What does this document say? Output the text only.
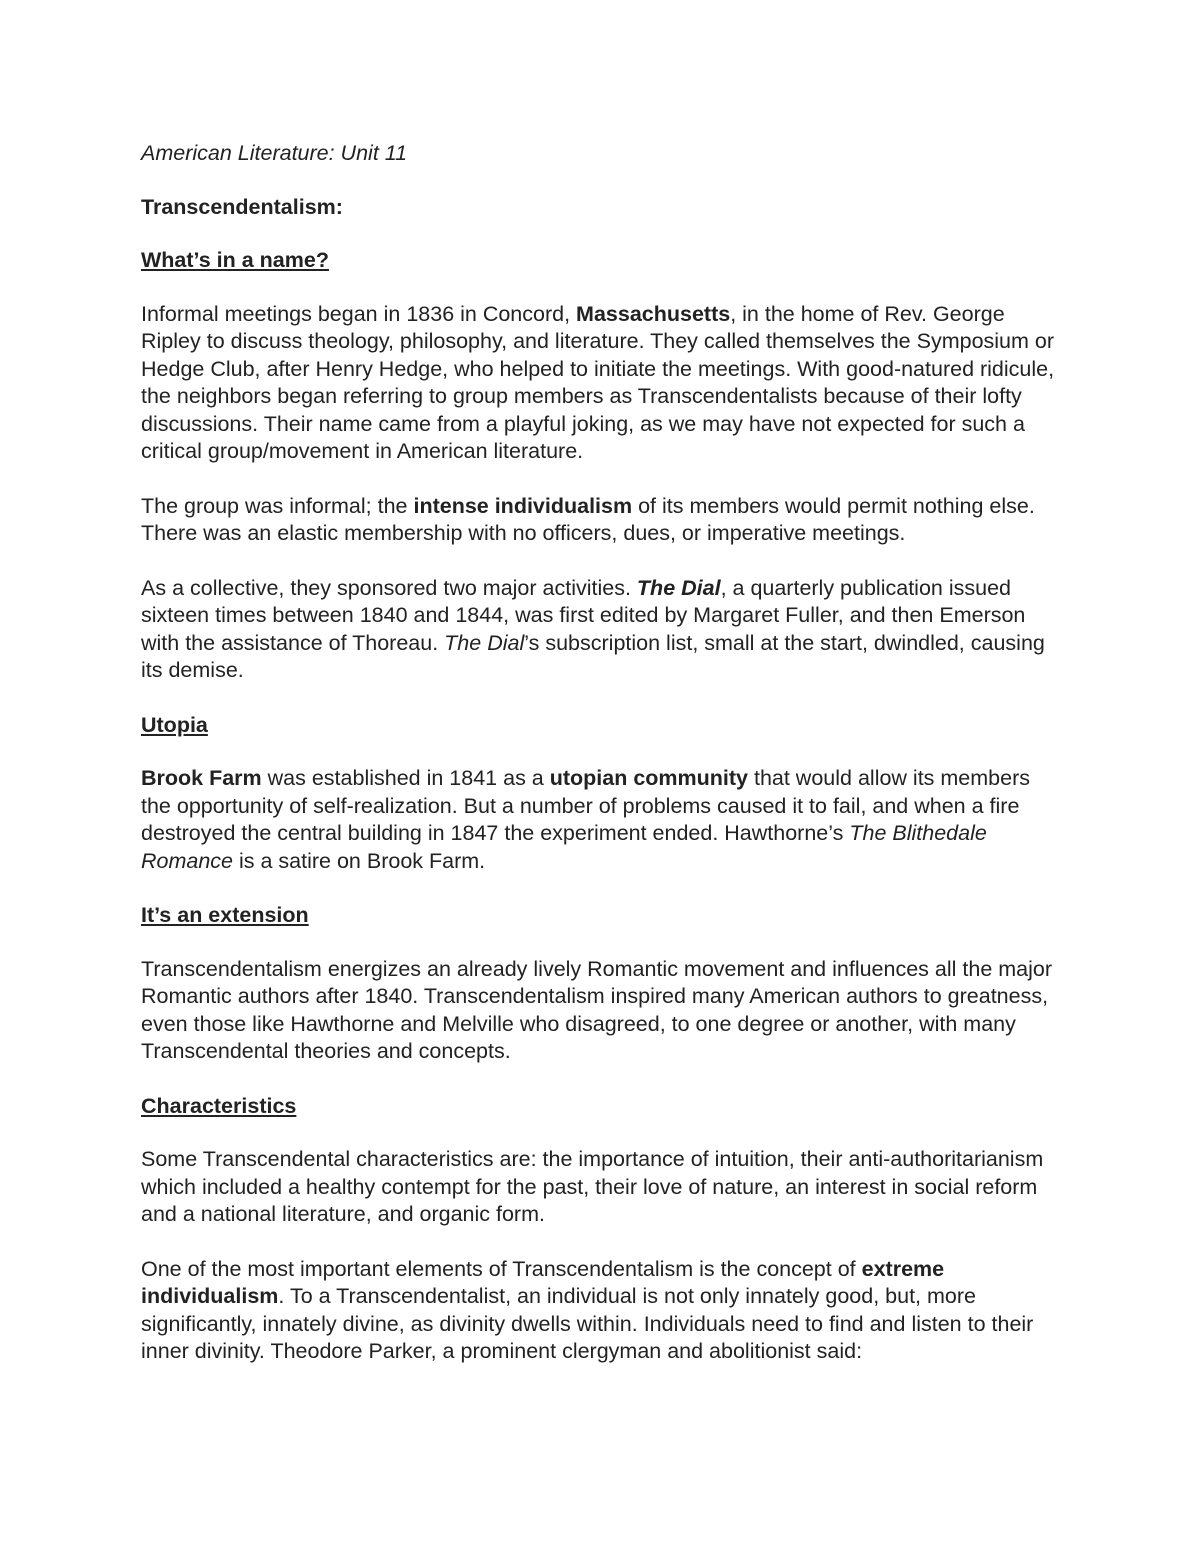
American Literature: Unit 11
Transcendentalism:
What’s in a name?

Informal meetings began in 1836 in Concord, Massachusetts, in the home of Rev. George Ripley to discuss theology, philosophy, and literature. They called themselves the Symposium or Hedge Club, after Henry Hedge, who helped to initiate the meetings. With good-natured ridicule, the neighbors began referring to group members as Transcendentalists because of their lofty discussions. Their name came from a playful joking, as we may have not expected for such a critical group/movement in American literature.

The group was informal; the intense individualism of its members would permit nothing else. There was an elastic membership with no officers, dues, or imperative meetings.

As a collective, they sponsored two major activities. The Dial, a quarterly publication issued sixteen times between 1840 and 1844, was first edited by Margaret Fuller, and then Emerson with the assistance of Thoreau. The Dial’s subscription list, small at the start, dwindled, causing its demise.

Utopia

Brook Farm was established in 1841 as a utopian community that would allow its members the opportunity of self-realization. But a number of problems caused it to fail, and when a fire destroyed the central building in 1847 the experiment ended. Hawthorne’s The Blithedale Romance is a satire on Brook Farm.

It’s an extension

Transcendentalism energizes an already lively Romantic movement and influences all the major Romantic authors after 1840. Transcendentalism inspired many American authors to greatness, even those like Hawthorne and Melville who disagreed, to one degree or another, with many Transcendental theories and concepts.

Characteristics

Some Transcendental characteristics are: the importance of intuition, their anti-authoritarianism which included a healthy contempt for the past, their love of nature, an interest in social reform and a national literature, and organic form.

One of the most important elements of Transcendentalism is the concept of extreme individualism. To a Transcendentalist, an individual is not only innately good, but, more significantly, innately divine, as divinity dwells within. Individuals need to find and listen to their inner divinity. Theodore Parker, a prominent clergyman and abolitionist said:
